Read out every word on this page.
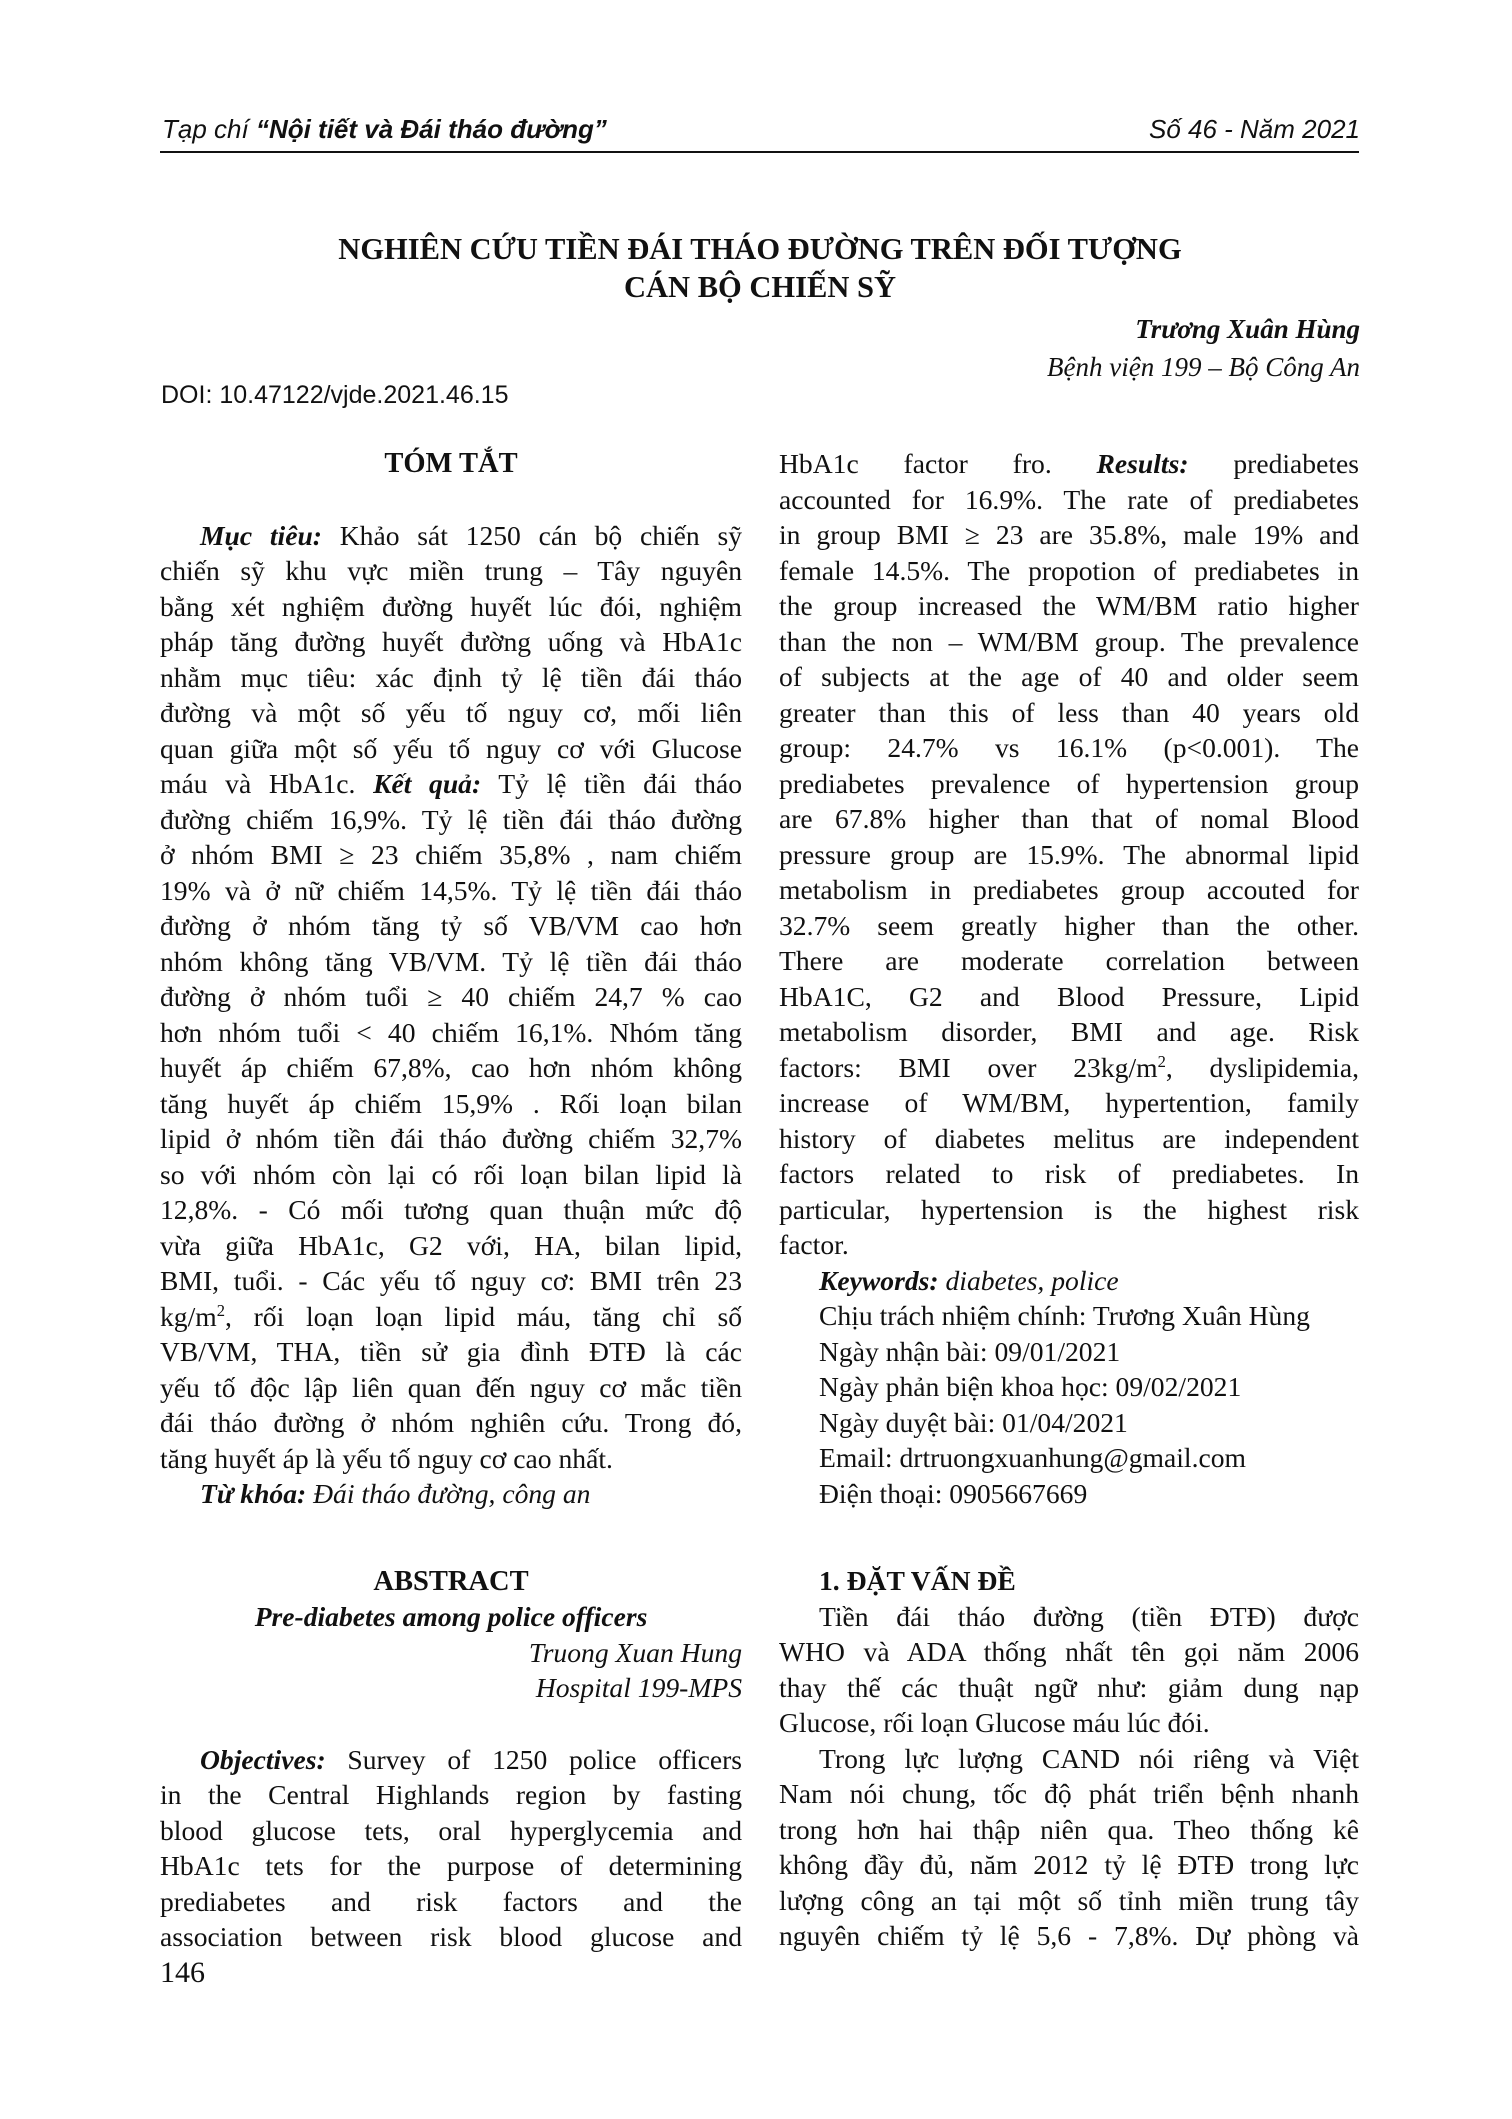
Tạp chí “Nội tiết và Đái tháo đường”	Số 46 - Năm 2021
NGHIÊN CỨU TIỀN ĐÁI THÁO ĐƯỜNG TRÊN ĐỐI TƯỢNG
CÁN BỘ CHIẾN SỸ
Trương Xuân Hùng
Bệnh viện 199 – Bộ Công An
DOI: 10.47122/vjde.2021.46.15
TÓM TẮT
Mục tiêu: Khảo sát 1250 cán bộ chiến sỹ
chiến sỹ khu vực miền trung – Tây nguyên
bằng xét nghiệm đường huyết lúc đói, nghiệm
pháp tăng đường huyết đường uống và HbA1c
nhằm mục tiêu: xác định tỷ lệ tiền đái tháo
đường và một số yếu tố nguy cơ, mối liên
quan giữa một số yếu tố nguy cơ với Glucose
máu và HbA1c. Kết quả: Tỷ lệ tiền đái tháo
đường chiếm 16,9%. Tỷ lệ tiền đái tháo đường
ở nhóm BMI ≥ 23 chiếm 35,8% , nam chiếm
19% và ở nữ chiếm 14,5%. Tỷ lệ tiền đái tháo
đường ở nhóm tăng tỷ số VB/VM cao hơn
nhóm không tăng VB/VM. Tỷ lệ tiền đái tháo
đường ở nhóm tuổi ≥ 40 chiếm 24,7 % cao
hơn nhóm tuổi < 40 chiếm 16,1%. Nhóm tăng
huyết áp chiếm 67,8%, cao hơn nhóm không
tăng huyết áp chiếm 15,9% . Rối loạn bilan
lipid ở nhóm tiền đái tháo đường chiếm 32,7%
so với nhóm còn lại có rối loạn bilan lipid là
12,8%. - Có mối tương quan thuận mức độ
vừa giữa HbA1c, G2 với, HA, bilan lipid,
BMI, tuổi. - Các yếu tố nguy cơ: BMI trên 23
$kg/m^2$, rối loạn loạn lipid máu, tăng chỉ số
VB/VM, THA, tiền sử gia đình ĐTĐ là các
yếu tố độc lập liên quan đến nguy cơ mắc tiền
đái tháo đường ở nhóm nghiên cứu. Trong đó,
tăng huyết áp là yếu tố nguy cơ cao nhất.
Từ khóa: Đái tháo đường, công an
ABSTRACT
Pre-diabetes among police officers
Truong Xuan Hung
Hospital 199-MPS
Objectives: Survey of 1250 police officers
in the Central Highlands region by fasting
blood glucose tets, oral hyperglycemia and
HbA1c tets for the purpose of determining
prediabetes and risk factors and the
association between risk blood glucose and
HbA1c factor fro. Results: prediabetes
accounted for 16.9%. The rate of prediabetes
in group BMI ≥ 23 are 35.8%, male 19% and
female 14.5%. The propotion of prediabetes in
the group increased the WM/BM ratio higher
than the non – WM/BM group. The prevalence
of subjects at the age of 40 and older seem
greater than this of less than 40 years old
group: 24.7% vs 16.1% (p<0.001). The
prediabetes prevalence of hypertension group
are 67.8% higher than that of nomal Blood
pressure group are 15.9%. The abnormal lipid
metabolism in prediabetes group accouted for
32.7% seem greatly higher than the other.
There are moderate correlation between
HbA1C, G2 and Blood Pressure, Lipid
metabolism disorder, BMI and age. Risk
factors: BMI over $23kg/m^2$, dyslipidemia,
increase of WM/BM, hypertention, family
history of diabetes melitus are independent
factors related to risk of prediabetes. In
particular, hypertension is the highest risk
factor.
Keywords: diabetes, police
Chịu trách nhiệm chính: Trương Xuân Hùng
Ngày nhận bài: 09/01/2021
Ngày phản biện khoa học: 09/02/2021
Ngày duyệt bài: 01/04/2021
Email: drtruongxuanhung@gmail.com
Điện thoại: 0905667669
1. ĐẶT VẤN ĐỀ
Tiền đái tháo đường (tiền ĐTĐ) được
WHO và ADA thống nhất tên gọi năm 2006
thay thế các thuật ngữ như: giảm dung nạp
Glucose, rối loạn Glucose máu lúc đói.
Trong lực lượng CAND nói riêng và Việt
Nam nói chung, tốc độ phát triển bệnh nhanh
trong hơn hai thập niên qua. Theo thống kê
không đầy đủ, năm 2012 tỷ lệ ĐTĐ trong lực
lượng công an tại một số tỉnh miền trung tây
nguyên chiếm tỷ lệ 5,6 - 7,8%. Dự phòng và
146
